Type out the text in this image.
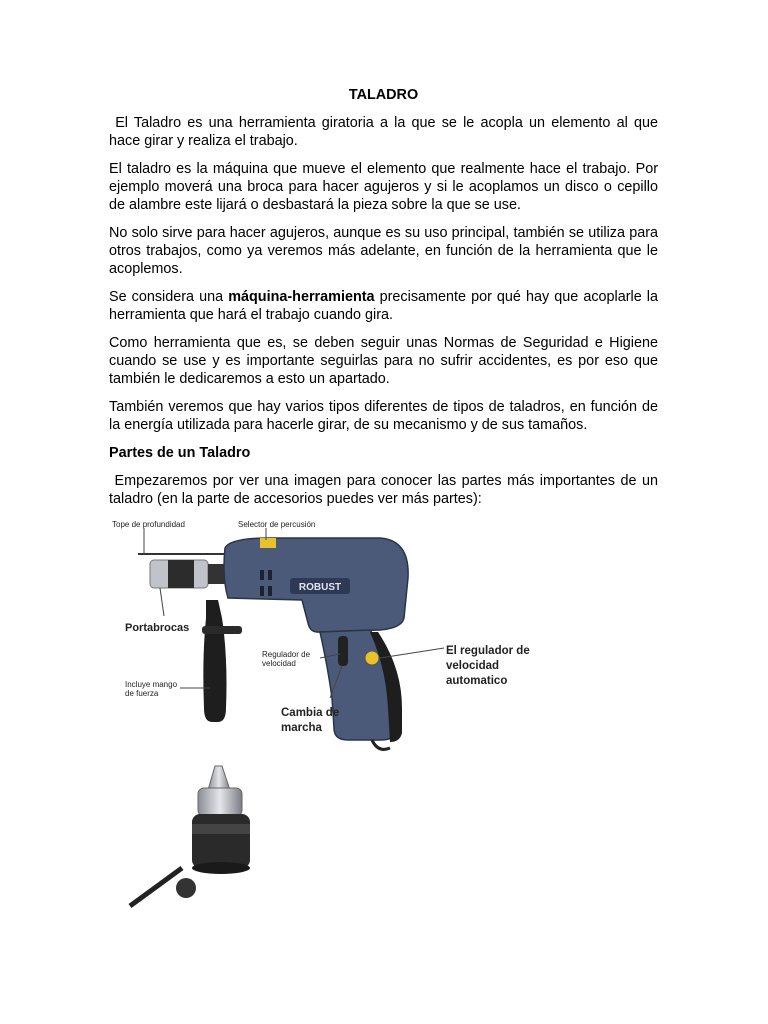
TALADRO

El Taladro es una herramienta giratoria a la que se le acopla un elemento al que hace girar y realiza el trabajo.

El taladro es la máquina que mueve el elemento que realmente hace el trabajo. Por ejemplo moverá una broca para hacer agujeros y si le acoplamos un disco o cepillo de alambre este lijará o desbastará la pieza sobre la que se use.

No solo sirve para hacer agujeros, aunque es su uso principal, también se utiliza para otros trabajos, como ya veremos más adelante, en función de la herramienta que le acoplemos.

Se considera una máquina-herramienta precisamente por qué hay que acoplarle la herramienta que hará el trabajo cuando gira.

Como herramienta que es, se deben seguir unas Normas de Seguridad e Higiene cuando se use y es importante seguirlas para no sufrir accidentes, es por eso que también le dedicaremos a esto un apartado.

También veremos que hay varios tipos diferentes de tipos de taladros, en función de la energía utilizada para hacerle girar, de su mecanismo y de sus tamaños.

Partes de un Taladro

Empezaremos por ver una imagen para conocer las partes más importantes de un taladro (en la parte de accesorios puedes ver más partes):

ROBUST
Tope de profundidad	Selector de percusión
Portabrocas
Regulador de
velocidad
Incluye mango
de fuerza
Cambia de
marcha
El regulador de
velocidad
automatico
